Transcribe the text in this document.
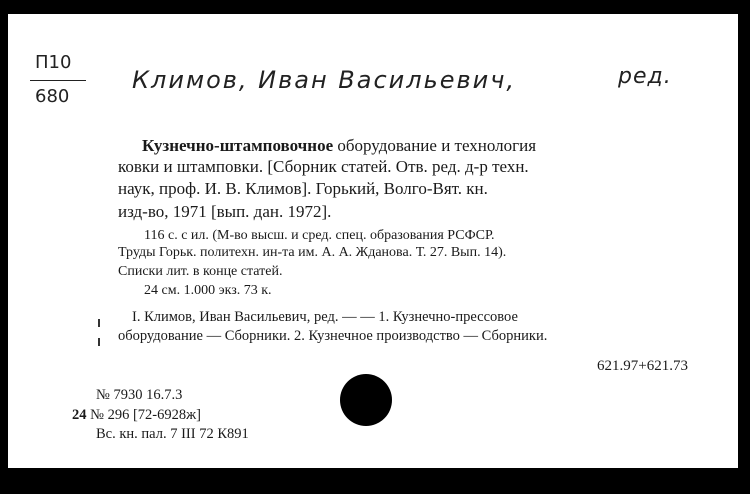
П10
680
Климов, Иван Васильевич,	ред.
Кузнечно-штамповочное оборудование и технология
ковки и штамповки. [Сборник статей. Отв. ред. д-р техн.
наук, проф. И. В. Климов]. Горький, Волго-Вят. кн.
изд-во, 1971 [вып. дан. 1972].
116 с. с ил. (М-во высш. и сред. спец. образования РСФСР.
Труды Горьк. политехн. ин-та им. А. А. Жданова. Т. 27. Вып. 14).
Списки лит. в конце статей.
24 см. 1.000 экз. 73 к.
I. Климов, Иван Васильевич, ред. — — 1. Кузнечно-прессовое
оборудование — Сборники. 2. Кузнечное производство — Сборники.
621.97+621.73
№ 7930 16.7.3
24 № 296 [72-6928ж]
Вс. кн. пал. 7 III 72 К891
